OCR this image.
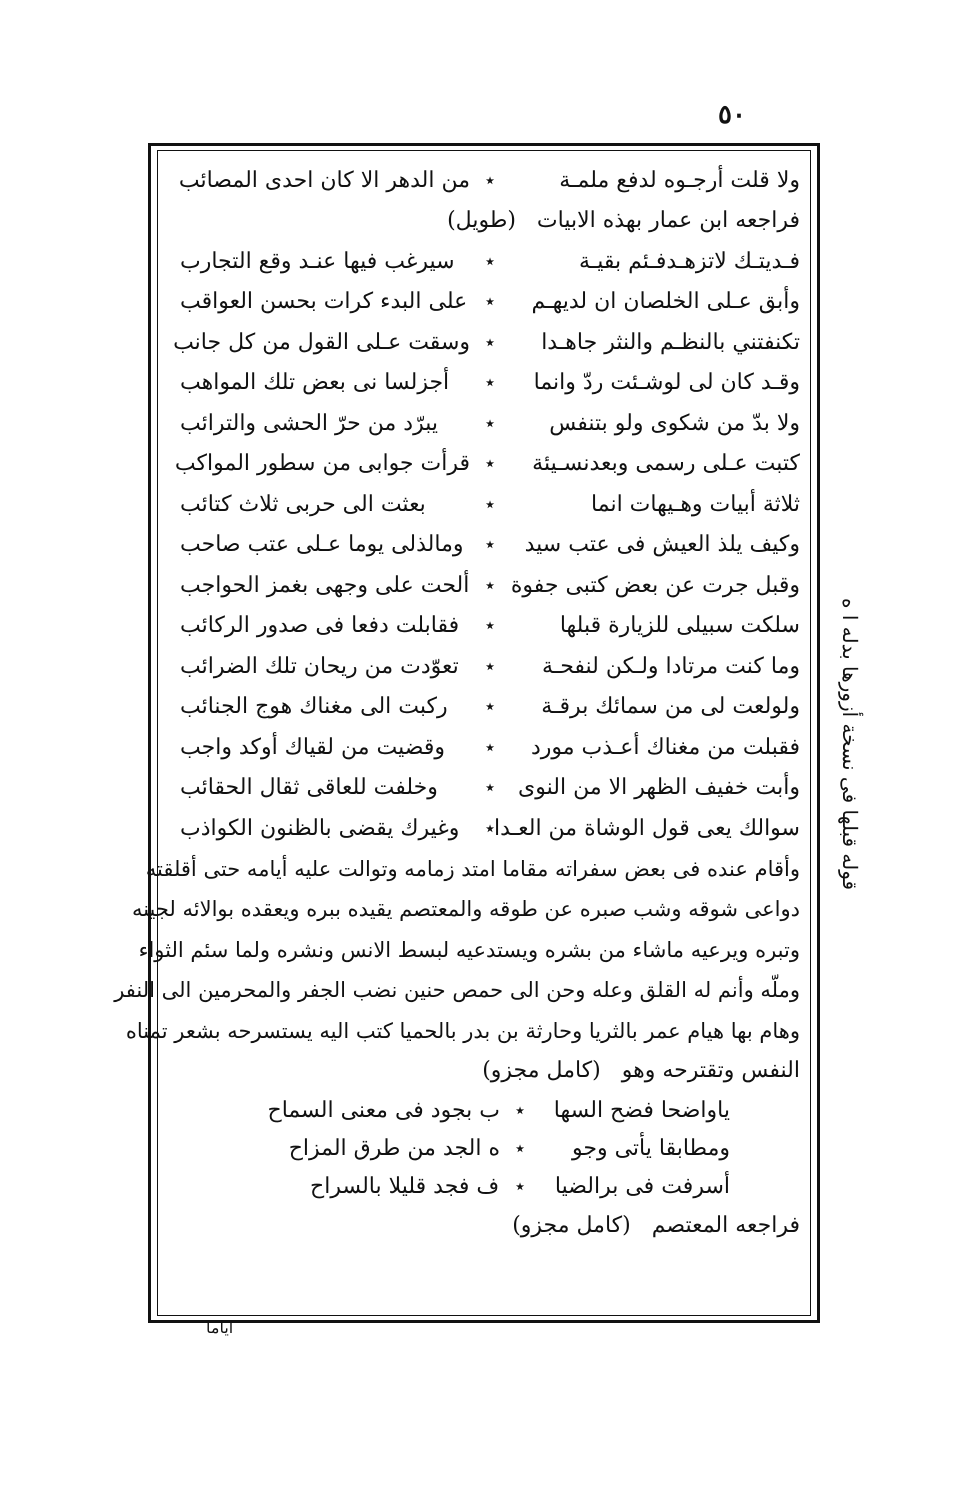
٥٠
ولا قلت أرجـوه لدفع ملمـة
٭
من الدهر الا كان احدى المصائب
فراجعه ابن عمار بهذه الابيات (طويل)
فـديتـك لاتزهـدفـئم بقيـة
٭
سيرغب فيها عنـد وقع التجارب
وأبق عـلى الخلصان ان لديهـم
٭
على البدء كرات بحسن العواقب
تكنفتني بالنظـم والنثر جاهـدا
٭
وسقت عـلى القول من كل جانب
وقـد كان لى لوشـئت ردّ وانما
٭
أجزلسا نى بعض تلك المواهب
ولا بدّ من شكوى ولو بتنفس
٭
يبرّد من حرّ الحشى والترائب
كتبت عـلى رسمى وبعدنسـيئة
٭
قرأت جوابى من سطور المواكب
ثلاثة أبيات وهـيهات انما
٭
بعثت الى حربى ثلاث كتائب
وكيف يلذ العيش فى عتب سيد
٭
ومالذلى يوما عـلى عتب صاحب
وقبل جرت عن بعض كتبى جفوة
٭
ألحت على وجهى بغمز الحواجب
سلكت سبيلى للزيارة قبلها
٭
فقابلت دفعا فى صدور الركائب
وما كنت مرتادا ولـكن لنفحـة
٭
تعوّدت من ريحان تلك الضرائب
ولولعت لى من سمائك برقـة
٭
ركبت الى مغناك هوج الجنائب
فقبلت من مغناك أعـذب مورد
٭
وقضيت من لقياك أوكد واجب
وأبت خفيف الظهر الا من النوى
٭
وخلفت للعاقى ثقال الحقائب
سوالك يعى قول الوشاة من العـدا
٭
وغيرك يقضى بالظنون الكواذب
وأقام عنده فى بعض سفراته مقاما امتد زمامه وتوالت عليه أيامه حتى أقلقته
دواعى شوقه وشب صبره عن طوقه والمعتصم يقيده ببره ويعقده بوالائه لجينه
وتبره ويرعيه ماشاء من بشره ويستدعيه لبسط الانس ونشره ولما سئم الثواء
وملّه وأنم له القلق وعله وحن الى حمص حنين نضب الجفر والمحرمين الى النفر
وهام بها هيام عمر بالثريا وحارثة بن بدر بالحميا كتب اليه يستسرحه بشعر تمناه
النفس وتقترحه وهو (كامل مجزو)
ياواضحا فضح السها
٭
ب بجود فى معنى السماح
ومطابقا يأتى وجو
٭
ه الجد من طرق المزاح
أسرفت فى برالضيا
٭
ف فجد قليلا بالسراح
فراجعه المعتصم (كامل مجزو)
قوله قبلها فى نسخة أزورها بدله ا ه
اياما
